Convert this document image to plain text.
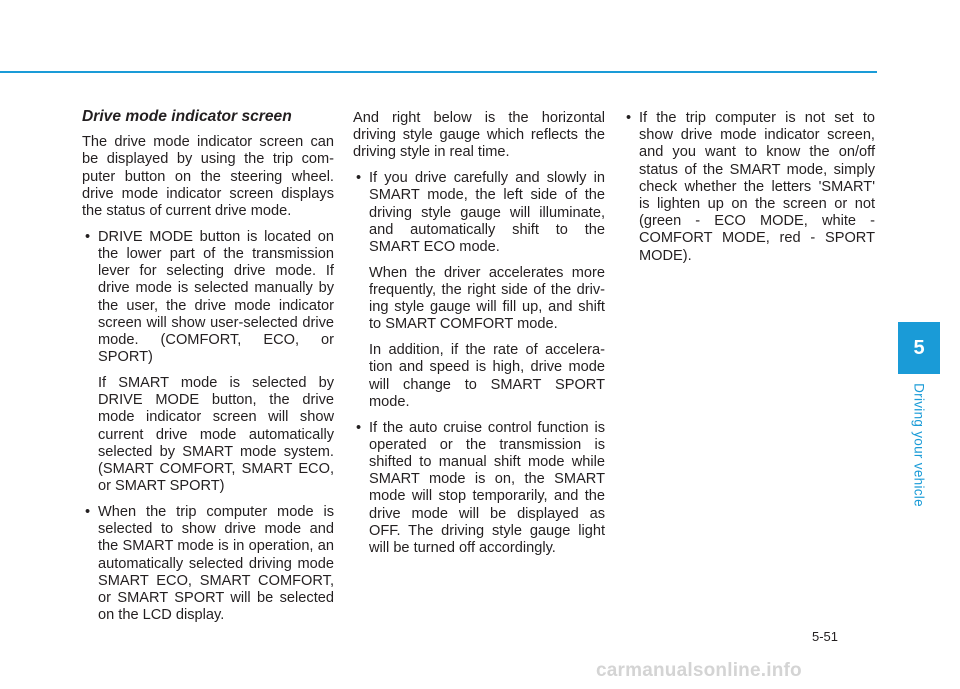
Drive mode indicator screen

The drive mode indicator screen can be displayed by using the trip com-puter button on the steering wheel. drive mode indicator screen displays the status of current drive mode.

• DRIVE MODE button is located on the lower part of the transmission lever for selecting drive mode. If drive mode is selected manually by the user, the drive mode indicator screen will show user-selected drive mode. (COMFORT, ECO, or SPORT)

If SMART mode is selected by DRIVE MODE button, the drive mode indicator screen will show current drive mode automatically selected by SMART mode system. (SMART COMFORT, SMART ECO, or SMART SPORT)

• When the trip computer mode is selected to show drive mode and the SMART mode is in operation, an automatically selected driving mode SMART ECO, SMART COMFORT, or SMART SPORT will be selected on the LCD display.

And right below is the horizontal driving style gauge which reflects the driving style in real time.

• If you drive carefully and slowly in SMART mode, the left side of the driving style gauge will illuminate, and automatically shift to the SMART ECO mode.

When the driver accelerates more frequently, the right side of the driv-ing style gauge will fill up, and shift to SMART COMFORT mode.

In addition, if the rate of accelera-tion and speed is high, drive mode will change to SMART SPORT mode.

• If the auto cruise control function is operated or the transmission is shifted to manual shift mode while SMART mode is on, the SMART mode will stop temporarily, and the drive mode will be displayed as OFF. The driving style gauge light will be turned off accordingly.
• If the trip computer is not set to show drive mode indicator screen, and you want to know the on/off status of the SMART mode, simply check whether the letters 'SMART' is lighten up on the screen or not (green - ECO MODE, white - COMFORT MODE, red - SPORT MODE).
5
Driving your vehicle
5-51
carmanualsonline.info
